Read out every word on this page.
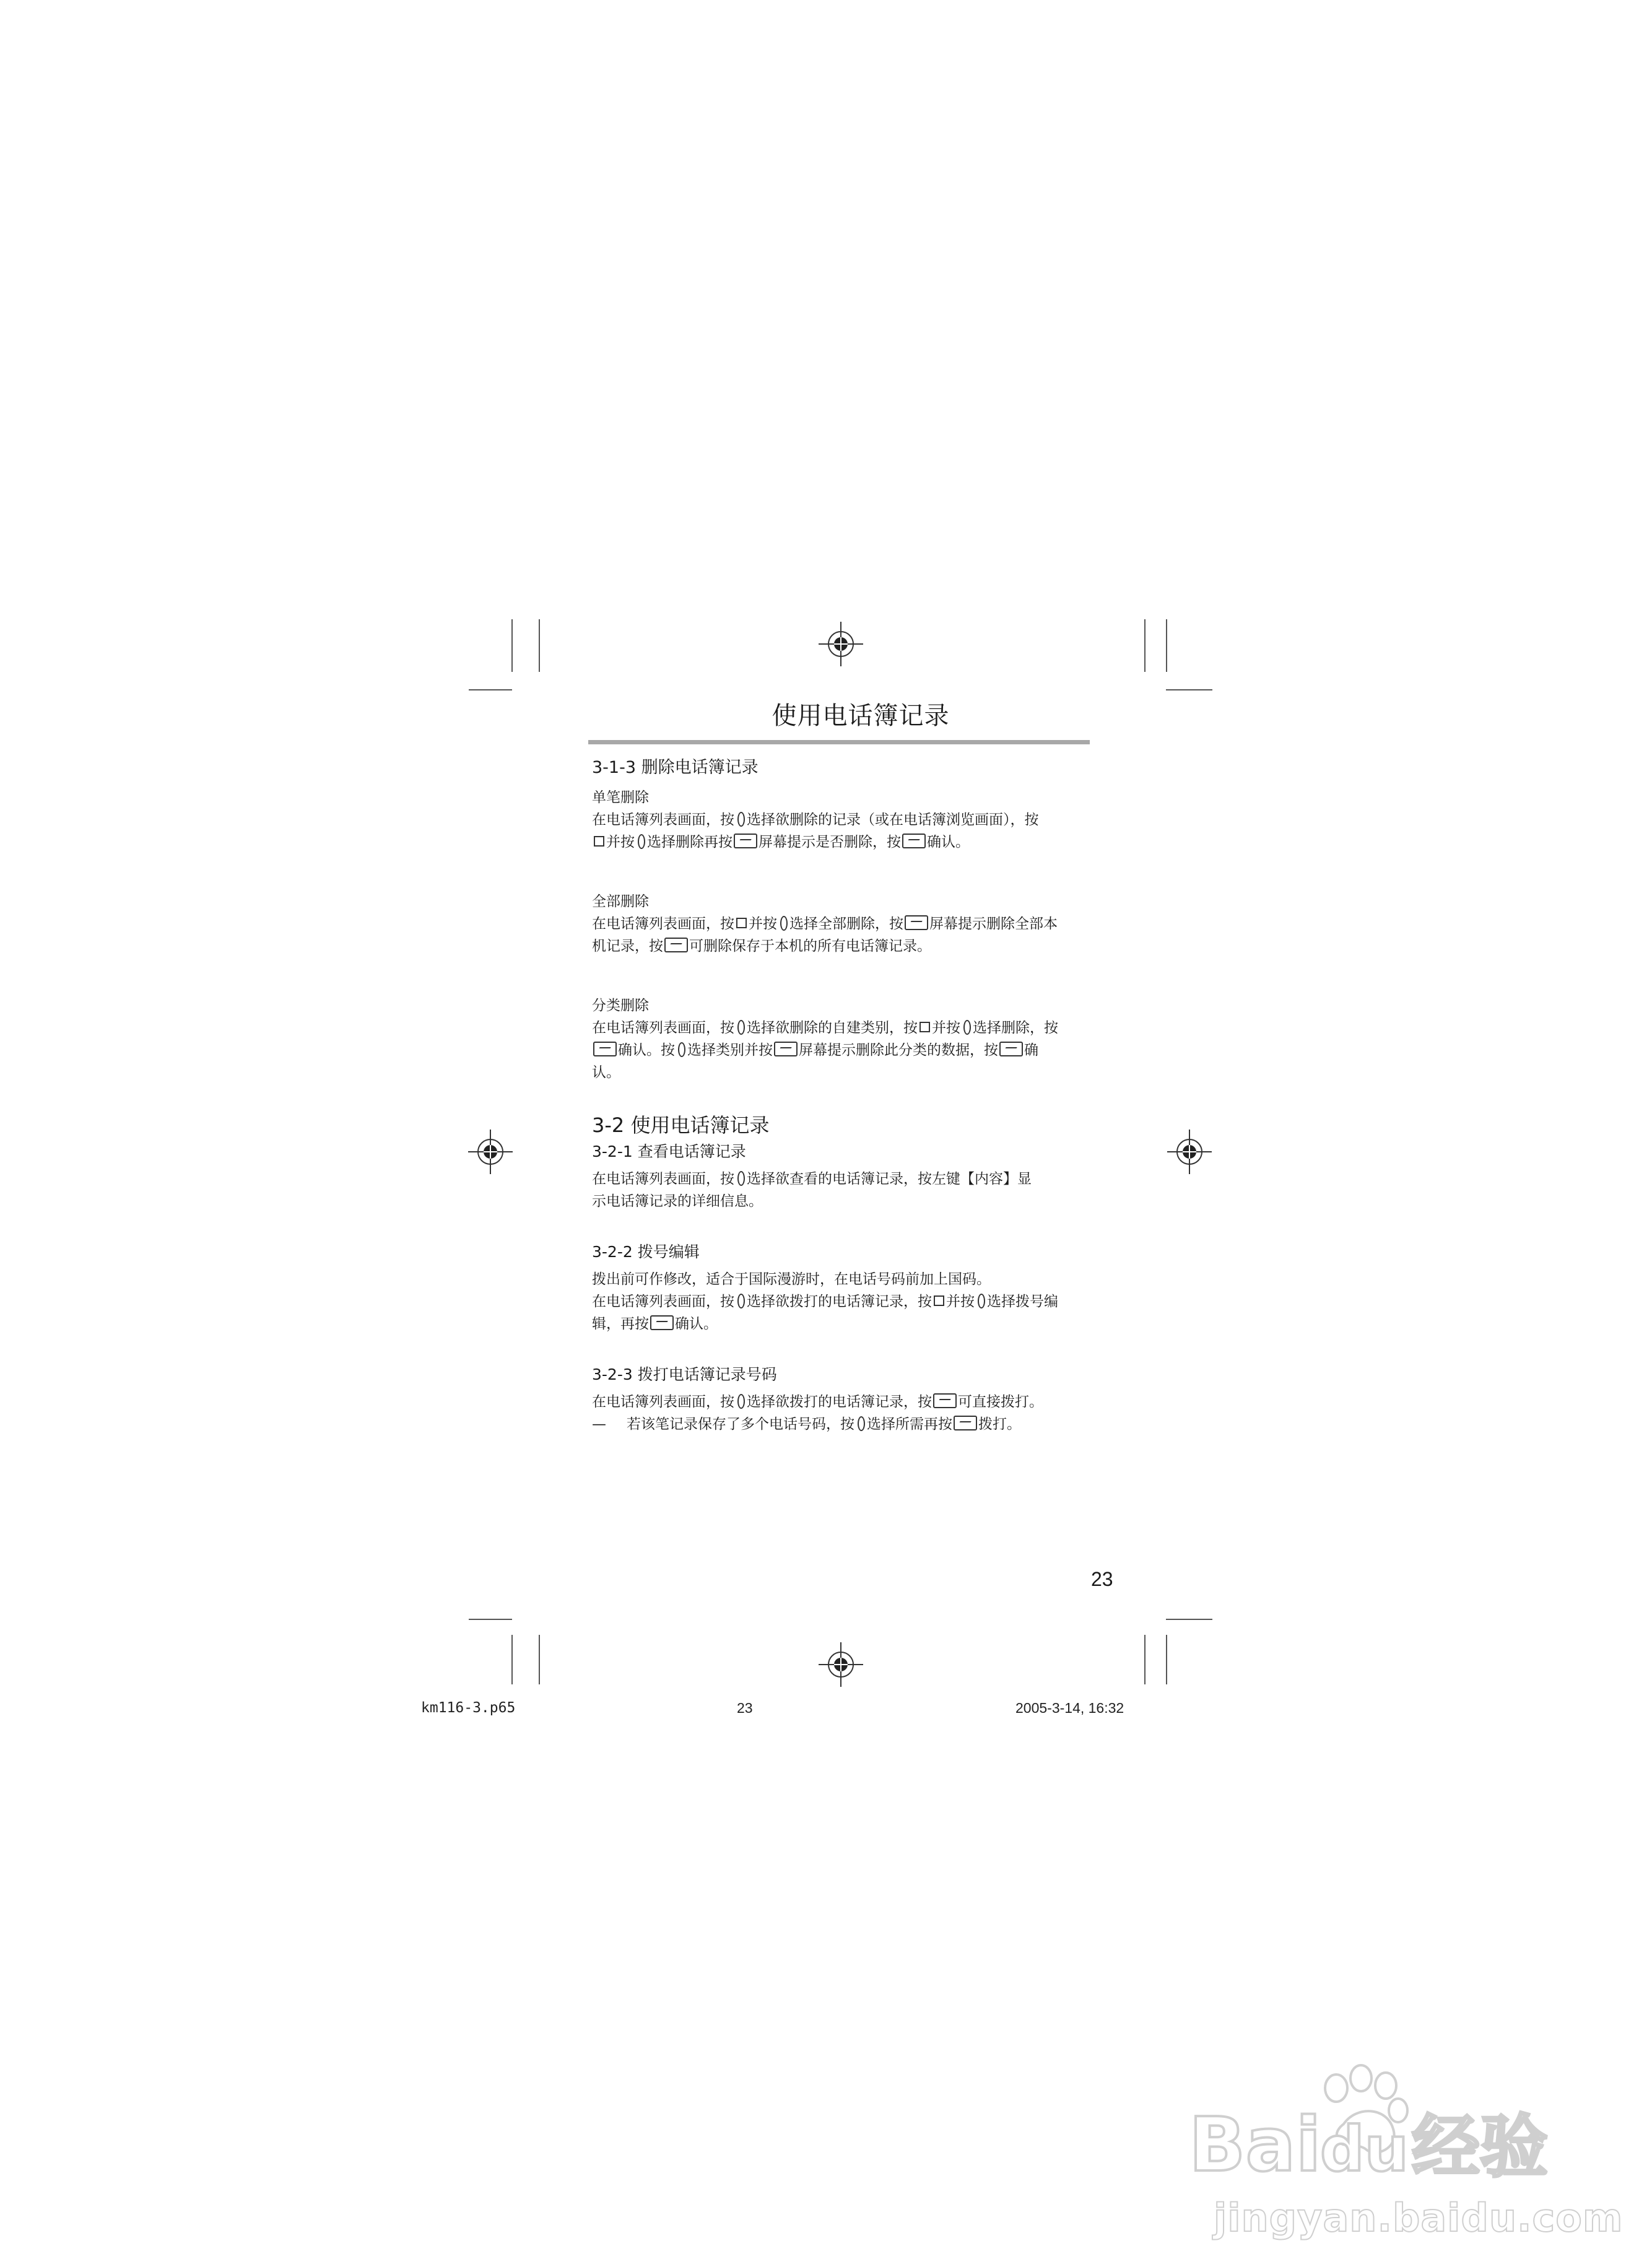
使用电话簿记录
3-1-3 删除电话簿记录
单笔删除

在电话簿列表画面，按 选择欲删除的记录（或在电话簿浏览画面），按

并按 选择删除再按 屏幕提示是否删除，按 确认。

全部删除

在电话簿列表画面，按 并按 选择全部删除，按 屏幕提示删除全部本

机记录，按 可删除保存于本机的所有电话簿记录。

分类删除

在电话簿列表画面，按 选择欲删除的自建类别，按 并按 选择删除，按

确认。按 选择类别并按 屏幕提示删除此分类的数据，按 确

认。

3-2 使用电话簿记录
3-2-1 查看电话簿记录

在电话簿列表画面，按 选择欲查看的电话簿记录，按左键【内容】显

示电话簿记录的详细信息。

3-2-2 拨号编辑

拨出前可作修改，适合于国际漫游时，在电话号码前加上国码。

在电话簿列表画面，按 选择欲拨打的电话簿记录，按 并按 选择拨号编

辑，再按 确认。

3-2-3 拨打电话簿记录号码

在电话簿列表画面，按 选择欲拨打的电话簿记录，按 可直接拨打。

— 若该笔记录保存了多个电话号码，按 选择所需再按 拨打。

23
km116-3.p65	23	2005-3-14, 16:32
Bai
du 经验
jingyan.baidu.com
